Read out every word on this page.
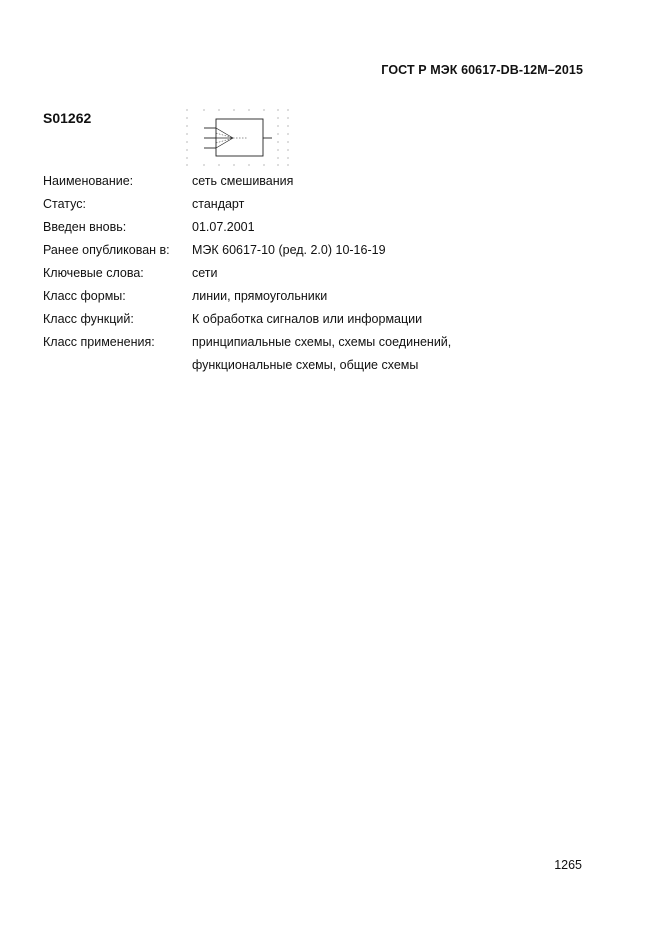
ГОСТ Р МЭК 60617-DB-12M–2015
S01262
Наименование:	сеть смешивания
Статус:	стандарт
Введен вновь:	01.07.2001
Ранее опубликован в: МЭК 60617-10 (ред. 2.0) 10-16-19
Ключевые слова:	сети
Класс формы:	линии, прямоугольники
Класс функций:	К обработка сигналов или информации
Класс применения:	принципиальные схемы, схемы соединений,
функциональные схемы, общие схемы
1265
